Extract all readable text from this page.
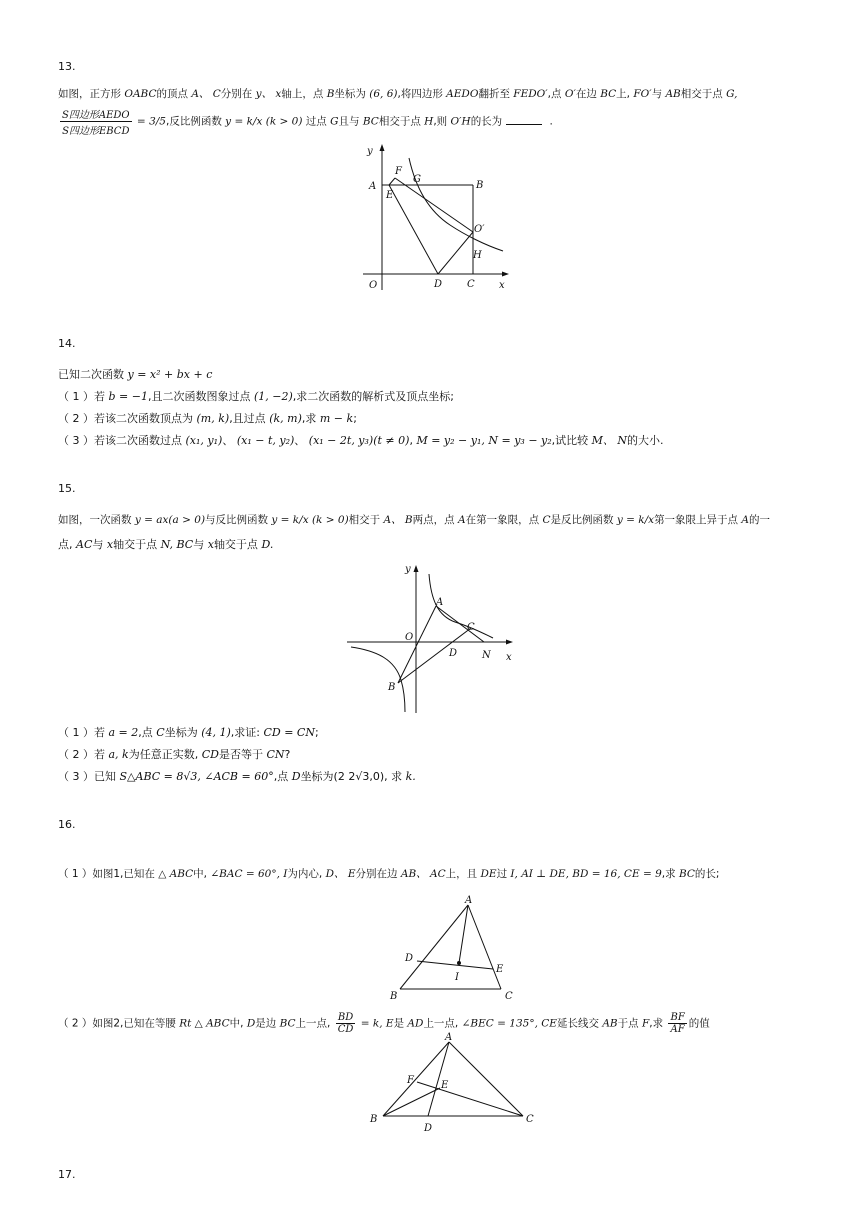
13.
如图，正方形 OABC的顶点 A、 C分别在 y、 x轴上，点 B坐标为 (6, 6),将四边形 AEDO翻折至 FEDO′,点 O′在边 BC上, FO′与 AB相交于点 G,
$\frac{\text{S四边形AEDO}}{\text{S四边形EBCD}} = 3/5$,反比例函数 y = k/x (k > 0) 过点 G且与 BC相交于点 H,则 O′H的长为	.
y
x
O
A	B
C
D
E
F
G
H
O′
14.
已知二次函数 y = x² + bx + c
（ 1 ）若 b = −1,且二次函数图象过点 (1, −2),求二次函数的解析式及顶点坐标;
（ 2 ）若该二次函数顶点为 (m, k),且过点 (k, m),求 m − k;
（ 3 ）若该二次函数过点 (x₁, y₁)、 (x₁ − t, y₂)、 (x₁ − 2t, y₃)(t ≠ 0), M = y₂ − y₁, N = y₃ − y₂,试比较 M、 N的大小.
15.
如图，一次函数 y = ax(a > 0)与反比例函数 y = k/x (k > 0)相交于 A、 B两点，点 A在第一象限，点 C是反比例函数 y = k/x第一象限上异于点 A的一
点, AC与 x轴交于点 N, BC与 x轴交于点 D.
y
x
O
A
B
C
D N
（ 1 ）若 a = 2,点 C坐标为 (4, 1),求证: CD = CN;
（ 2 ）若 a, k为任意正实数, CD是否等于 CN?
（ 3 ）已知 S△ABC = 8√3, ∠ACB = 60°,点 D坐标为(2 2√3,0), 求 k.
16.
（ 1 ）如图1,已知在 △ ABC中, ∠BAC = 60°, I为内心, D、 E分别在边 AB、 AC上，且 DE过 I, AI ⊥ DE, BD = 16, CE = 9,求 BC的长;
A
B	C
D
E
I
（ 2 ）如图2,已知在等腰 Rt △ ABC中, D是边 BC上一点, $\frac{BD}{CD} = k$, E是 AD上一点, ∠BEC = 135°, CE延长线交 AB于点 F,求 $\frac{BF}{AF}$ 的值
A
B	C
D
E
F
17.
